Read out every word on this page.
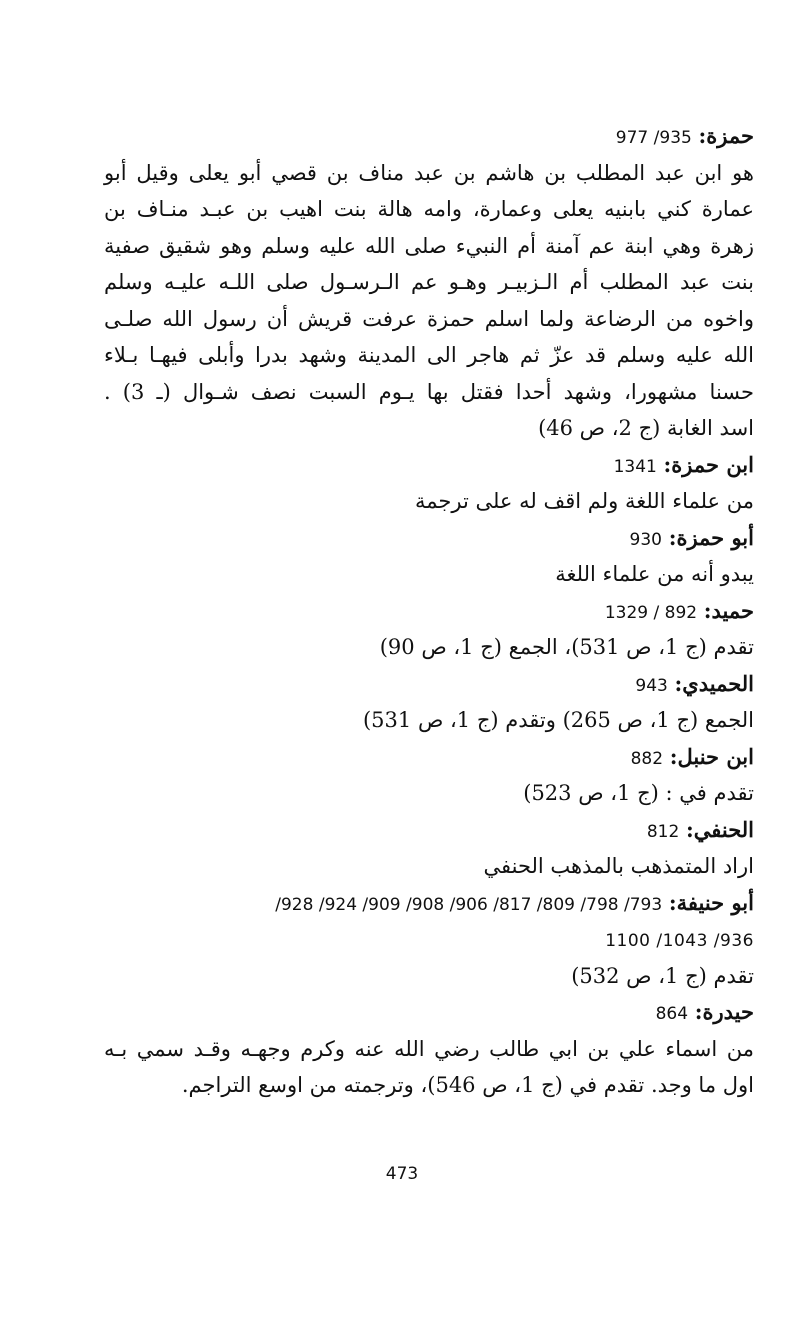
حمزة: 935/ 977
هو ابن عبد المطلب بن هاشم بن عبد مناف بن قصي أبو يعلى وقيل أبو
عمارة كني بابنيه يعلى وعمارة، وامه هالة بنت اهيب بن عبـد منـاف بن
زهرة وهي ابنة عم آمنة أم النبيء صلى الله عليه وسلم وهو شقيق صفية
بنت عبد المطلب أم الـزبيـر وهـو عم الـرسـول صلى اللـه عليـه وسلم
واخوه من الرضاعة ولما اسلم حمزة عرفت قريش أن رسول الله صلـى
الله عليه وسلم قد عزّ ثم هاجر الى المدينة وشهد بدرا وأبلى فيهـا بـلاء
حسنا مشهورا، وشهد أحدا فقتل بها يـوم السبت نصف شـوال (ـ 3) .
اسد الغابة (ج 2، ص 46)
ابن حمزة: 1341
من علماء اللغة ولم اقف له على ترجمة
أبو حمزة: 930
يبدو أنه من علماء اللغة
حميد: 892 / 1329
تقدم (ج 1، ص 531)، الجمع (ج 1، ص 90)
الحميدي: 943
الجمع (ج 1، ص 265) وتقدم (ج 1، ص 531)
ابن حنبل: 882
تقدم في : (ج 1، ص 523)
الحنفي: 812
اراد المتمذهب بالمذهب الحنفي
أبو حنيفة: 793/ 798/ 809/ 817/ 906/ 908/ 909/ 924/ 928/
936/ 1043/ 1100
تقدم (ج 1، ص 532)
حيدرة: 864
من اسماء علي بن ابي طالب رضي الله عنه وكرم وجهـه وقـد سمي بـه
اول ما وجد. تقدم في (ج 1، ص 546)، وترجمته من اوسع التراجم.
473
